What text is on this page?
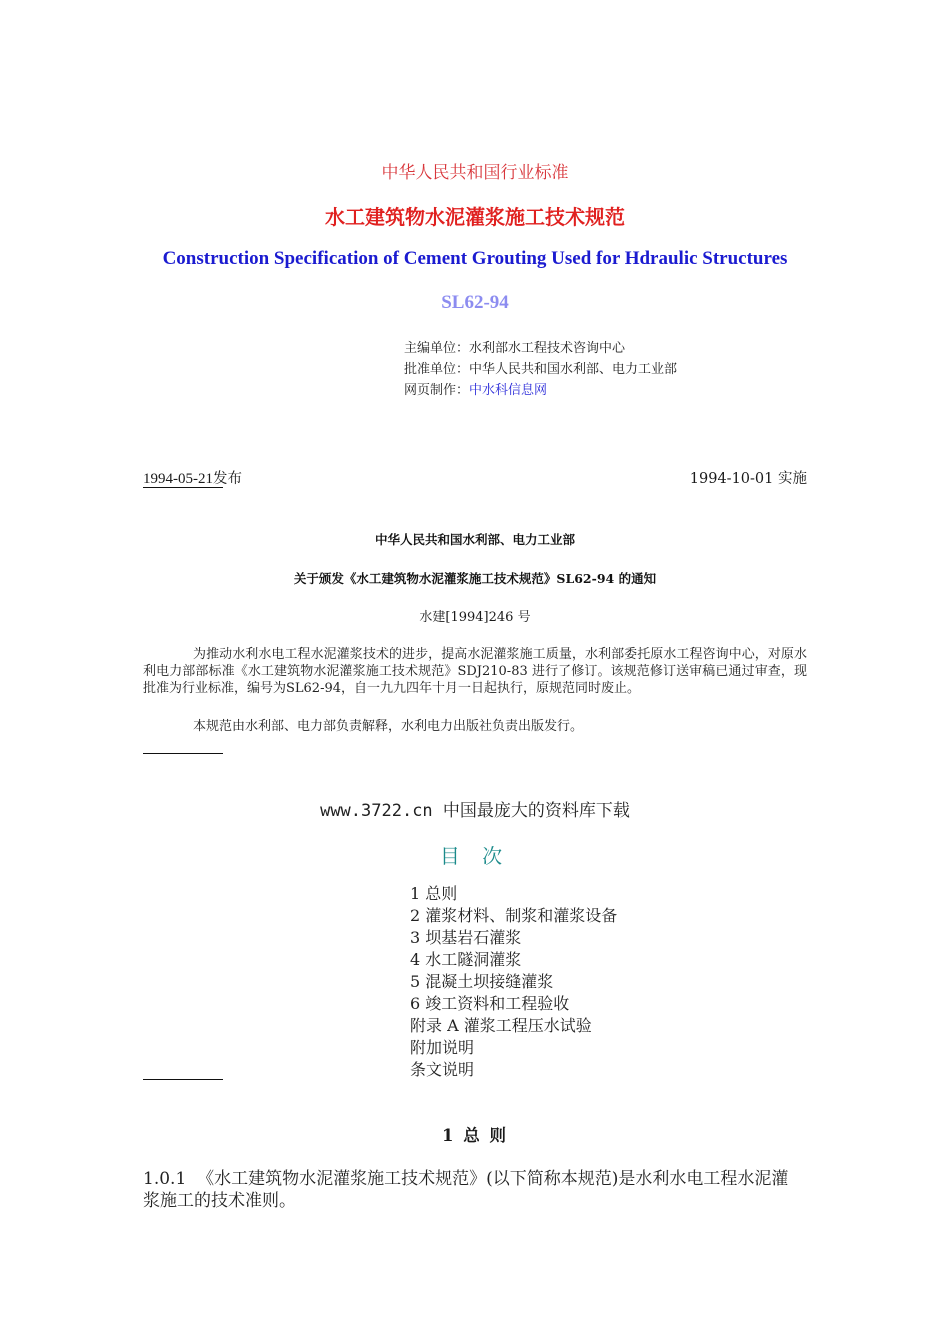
中华人民共和国行业标准
水工建筑物水泥灌浆施工技术规范
Construction Specification of Cement Grouting Used for Hdraulic Structures
SL62-94
主编单位：水利部水工程技术咨询中心
批准单位：中华人民共和国水利部、电力工业部
网页制作：中水科信息网
1994-05-21发布	1994-10-01 实施
中华人民共和国水利部、电力工业部
关于颁发《水工建筑物水泥灌浆施工技术规范》SL62-94 的通知
水建[1994]246 号
为推动水利水电工程水泥灌浆技术的进步，提高水泥灌浆施工质量，水利部委托原水工程咨询中心，对原水利电力部部标准《水工建筑物水泥灌浆施工技术规范》SDJ210-83 进行了修订。该规范修订送审稿已通过审查，现批准为行业标准，编号为SL62-94，自一九九四年十月一日起执行，原规范同时废止。
本规范由水利部、电力部负责解释，水利电力出版社负责出版发行。
www.3722.cn 中国最庞大的资料库下载
目 次
1 总则
2 灌浆材料、制浆和灌浆设备
3 坝基岩石灌浆
4 水工隧洞灌浆
5 混凝土坝接缝灌浆
6 竣工资料和工程验收
附录 A 灌浆工程压水试验
附加说明
条文说明
1 总 则
1.0.1 《水工建筑物水泥灌浆施工技术规范》(以下简称本规范)是水利水电工程水泥灌浆施工的技术准则。
